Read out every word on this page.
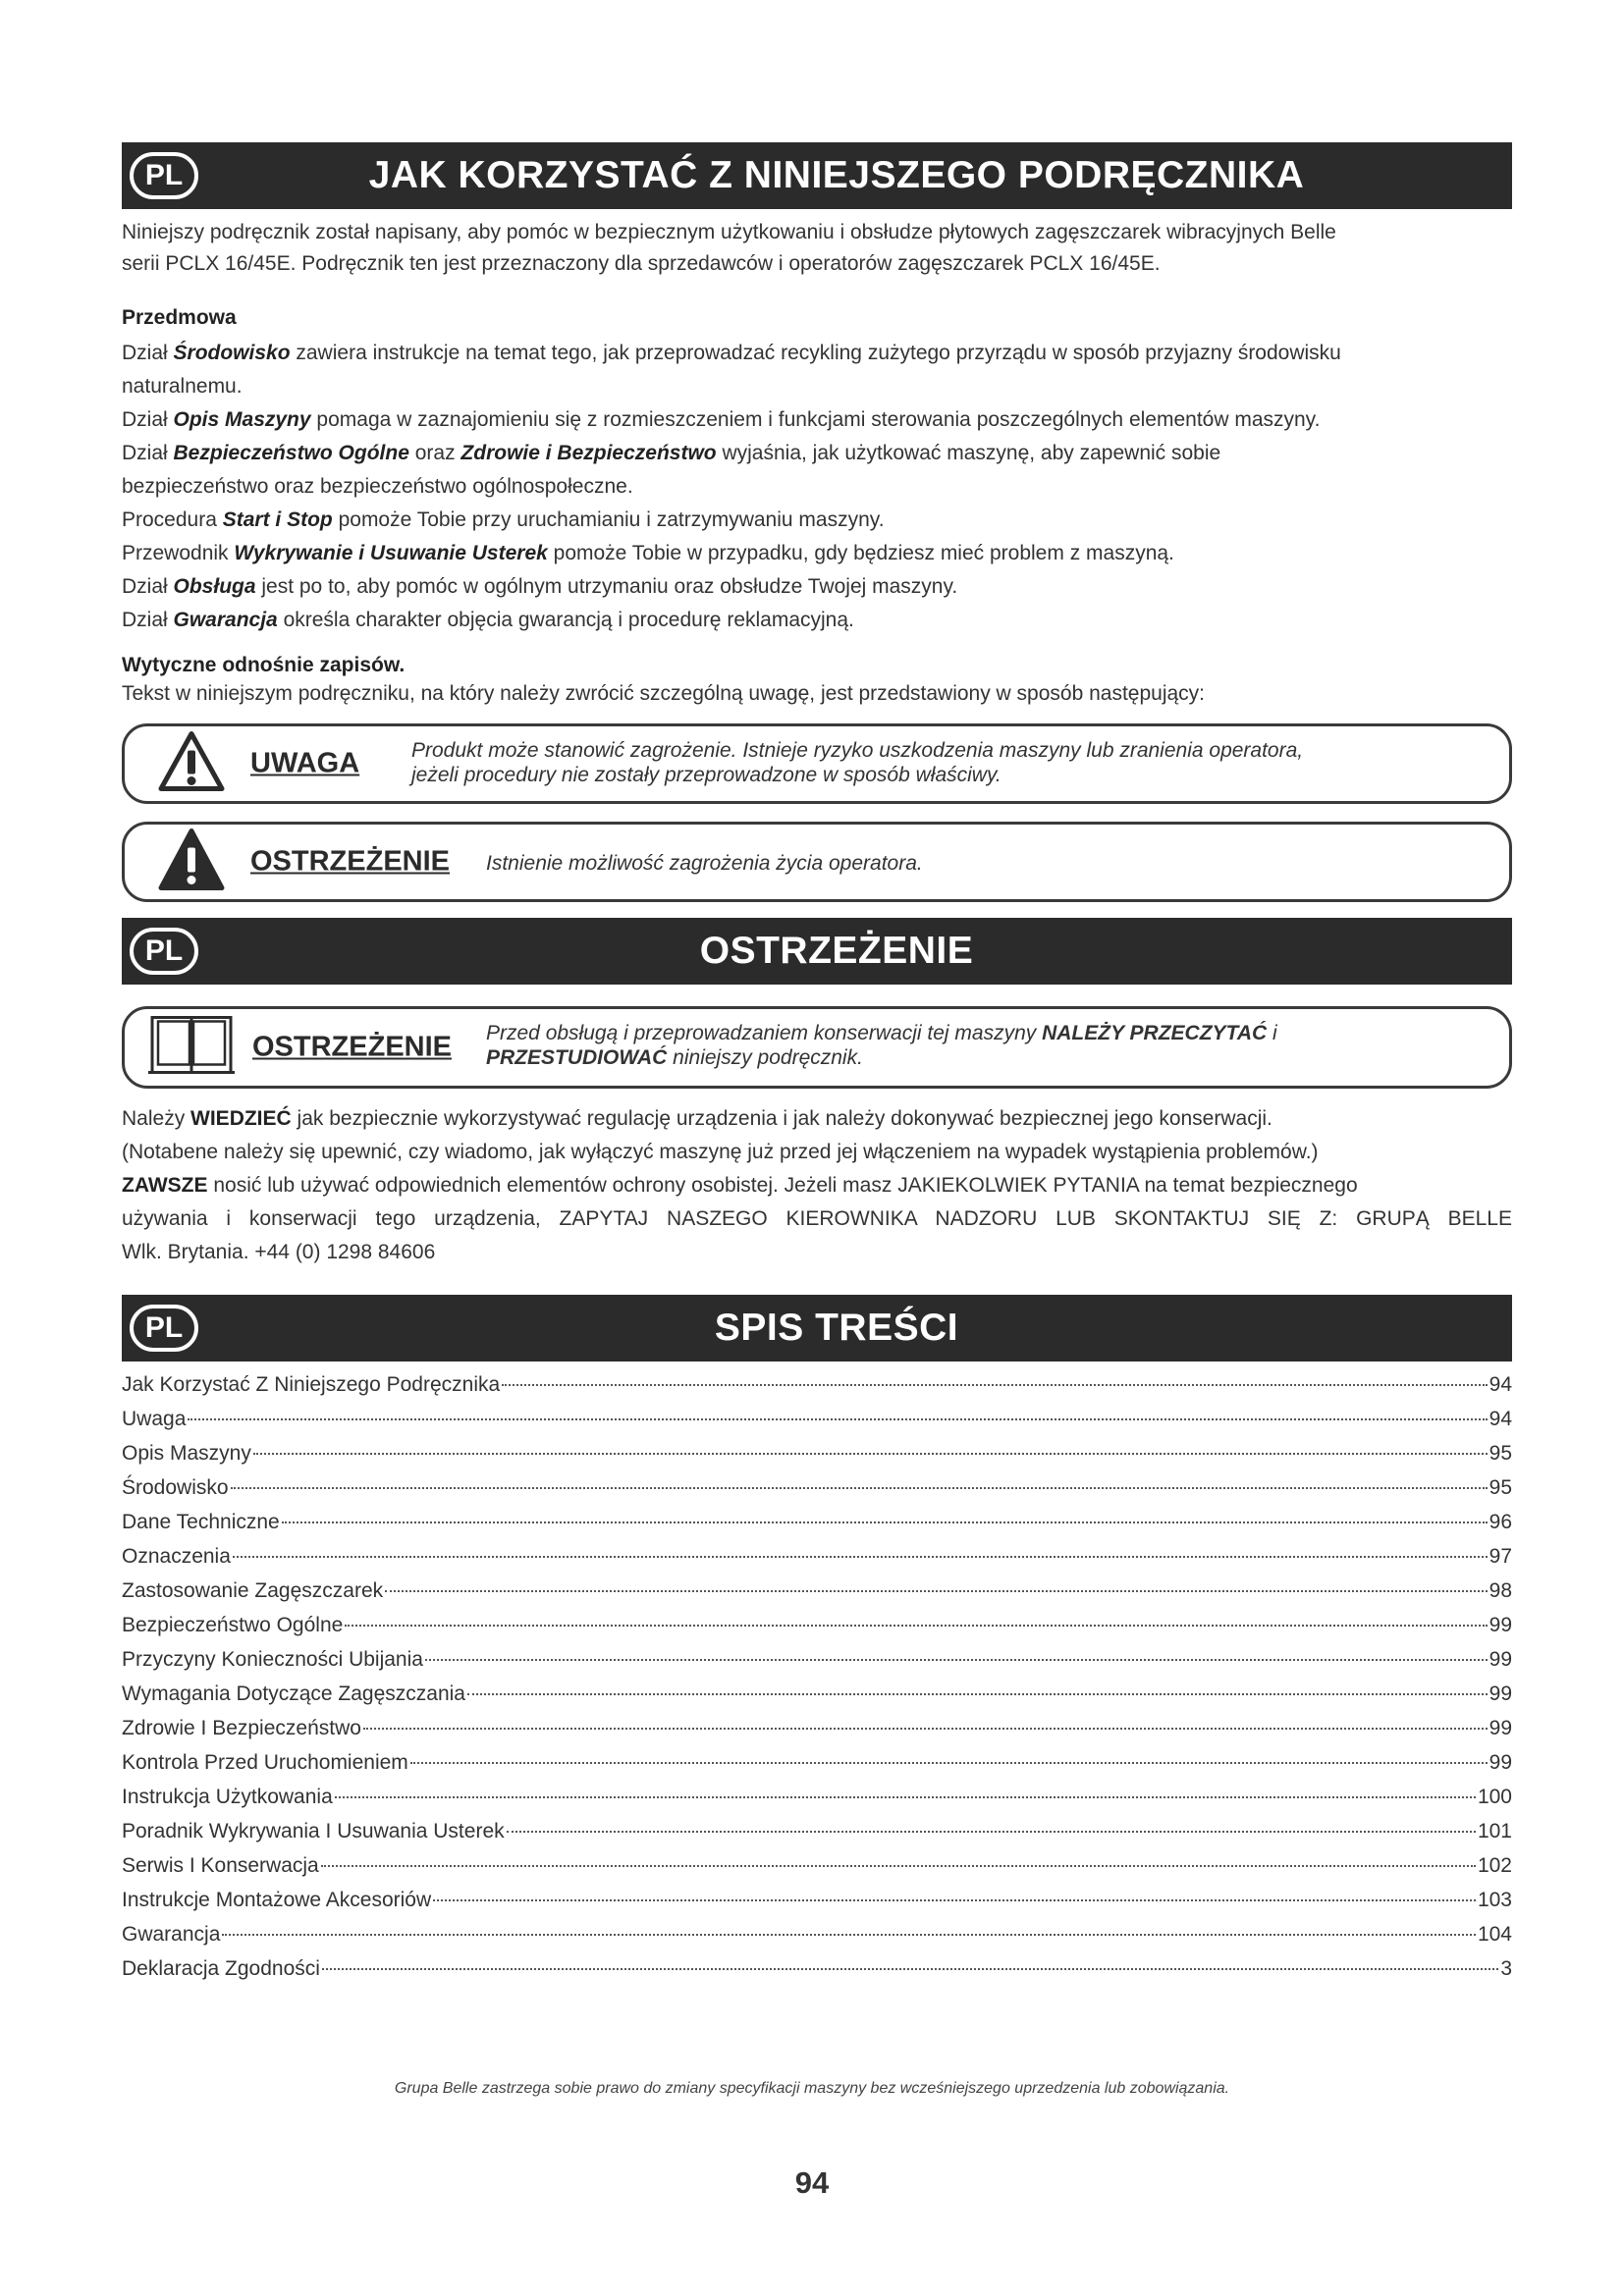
PL	JAK KORZYSTAĆ Z NINIEJSZEGO PODRĘCZNIKA

Niniejszy podręcznik został napisany, aby pomóc w bezpiecznym użytkowaniu i obsłudze płytowych zagęszczarek wibracyjnych Belle

serii PCLX 16/45E. Podręcznik ten jest przeznaczony dla sprzedawców i operatorów zagęszczarek PCLX 16/45E.

Przedmowa

Dział Środowisko zawiera instrukcje na temat tego, jak przeprowadzać recykling zużytego przyrządu w sposób przyjazny środowisku

naturalnemu.

Dział Opis Maszyny pomaga w zaznajomieniu się z rozmieszczeniem i funkcjami sterowania poszczególnych elementów maszyny.

Dział Bezpieczeństwo Ogólne oraz Zdrowie i Bezpieczeństwo wyjaśnia, jak użytkować maszynę, aby zapewnić sobie

bezpieczeństwo oraz bezpieczeństwo ogólnospołeczne.

Procedura Start i Stop pomoże Tobie przy uruchamianiu i zatrzymywaniu maszyny.

Przewodnik Wykrywanie i Usuwanie Usterek pomoże Tobie w przypadku, gdy będziesz mieć problem z maszyną.

Dział Obsługa jest po to, aby pomóc w ogólnym utrzymaniu oraz obsłudze Twojej maszyny.

Dział Gwarancja określa charakter objęcia gwarancją i procedurę reklamacyjną.

Wytyczne odnośnie zapisów.

Tekst w niniejszym podręczniku, na który należy zwrócić szczególną uwagę, jest przedstawiony w sposób następujący:

UWAGA	Produkt może stanowić zagrożenie. Istnieje ryzyko uszkodzenia maszyny lub zranienia operatora,
jeżeli procedury nie zostały przeprowadzone w sposób właściwy.
OSTRZEŻENIE Istnienie możliwość zagrożenia życia operatora.
PL	OSTRZEŻENIE
OSTRZEŻENIE Przed obsługą i przeprowadzaniem konserwacji tej maszyny NALEŻY PRZECZYTAĆ i
PRZESTUDIOWAĆ niniejszy podręcznik.

Należy WIEDZIEĆ jak bezpiecznie wykorzystywać regulację urządzenia i jak należy dokonywać bezpiecznej jego konserwacji.

(Notabene należy się upewnić, czy wiadomo, jak wyłączyć maszynę już przed jej włączeniem na wypadek wystąpienia problemów.)

ZAWSZE nosić lub używać odpowiednich elementów ochrony osobistej. Jeżeli masz JAKIEKOLWIEK PYTANIA na temat bezpiecznego

używania i konserwacji tego urządzenia, ZAPYTAJ NASZEGO KIEROWNIKA NADZORU LUB SKONTAKTUJ SIĘ Z: GRUPĄ BELLE

Wlk. Brytania. +44 (0) 1298 84606

PL	SPIS TREŚCI
Jak Korzystać Z Niniejszego Podręcznika	94
Uwaga	94
Opis Maszyny	95
Środowisko	95
Dane Techniczne	96
Oznaczenia	97
Zastosowanie Zagęszczarek	98
Bezpieczeństwo Ogólne	99
Przyczyny Konieczności Ubijania	99
Wymagania Dotyczące Zagęszczania	99
Zdrowie I Bezpieczeństwo	99
Kontrola Przed Uruchomieniem	99
Instrukcja Użytkowania	100
Poradnik Wykrywania I Usuwania Usterek	101
Serwis I Konserwacja	102
Instrukcje Montażowe Akcesoriów	103
Gwarancja	104
Deklaracja Zgodności	3
Grupa Belle zastrzega sobie prawo do zmiany specyfikacji maszyny bez wcześniejszego uprzedzenia lub zobowiązania.
94
